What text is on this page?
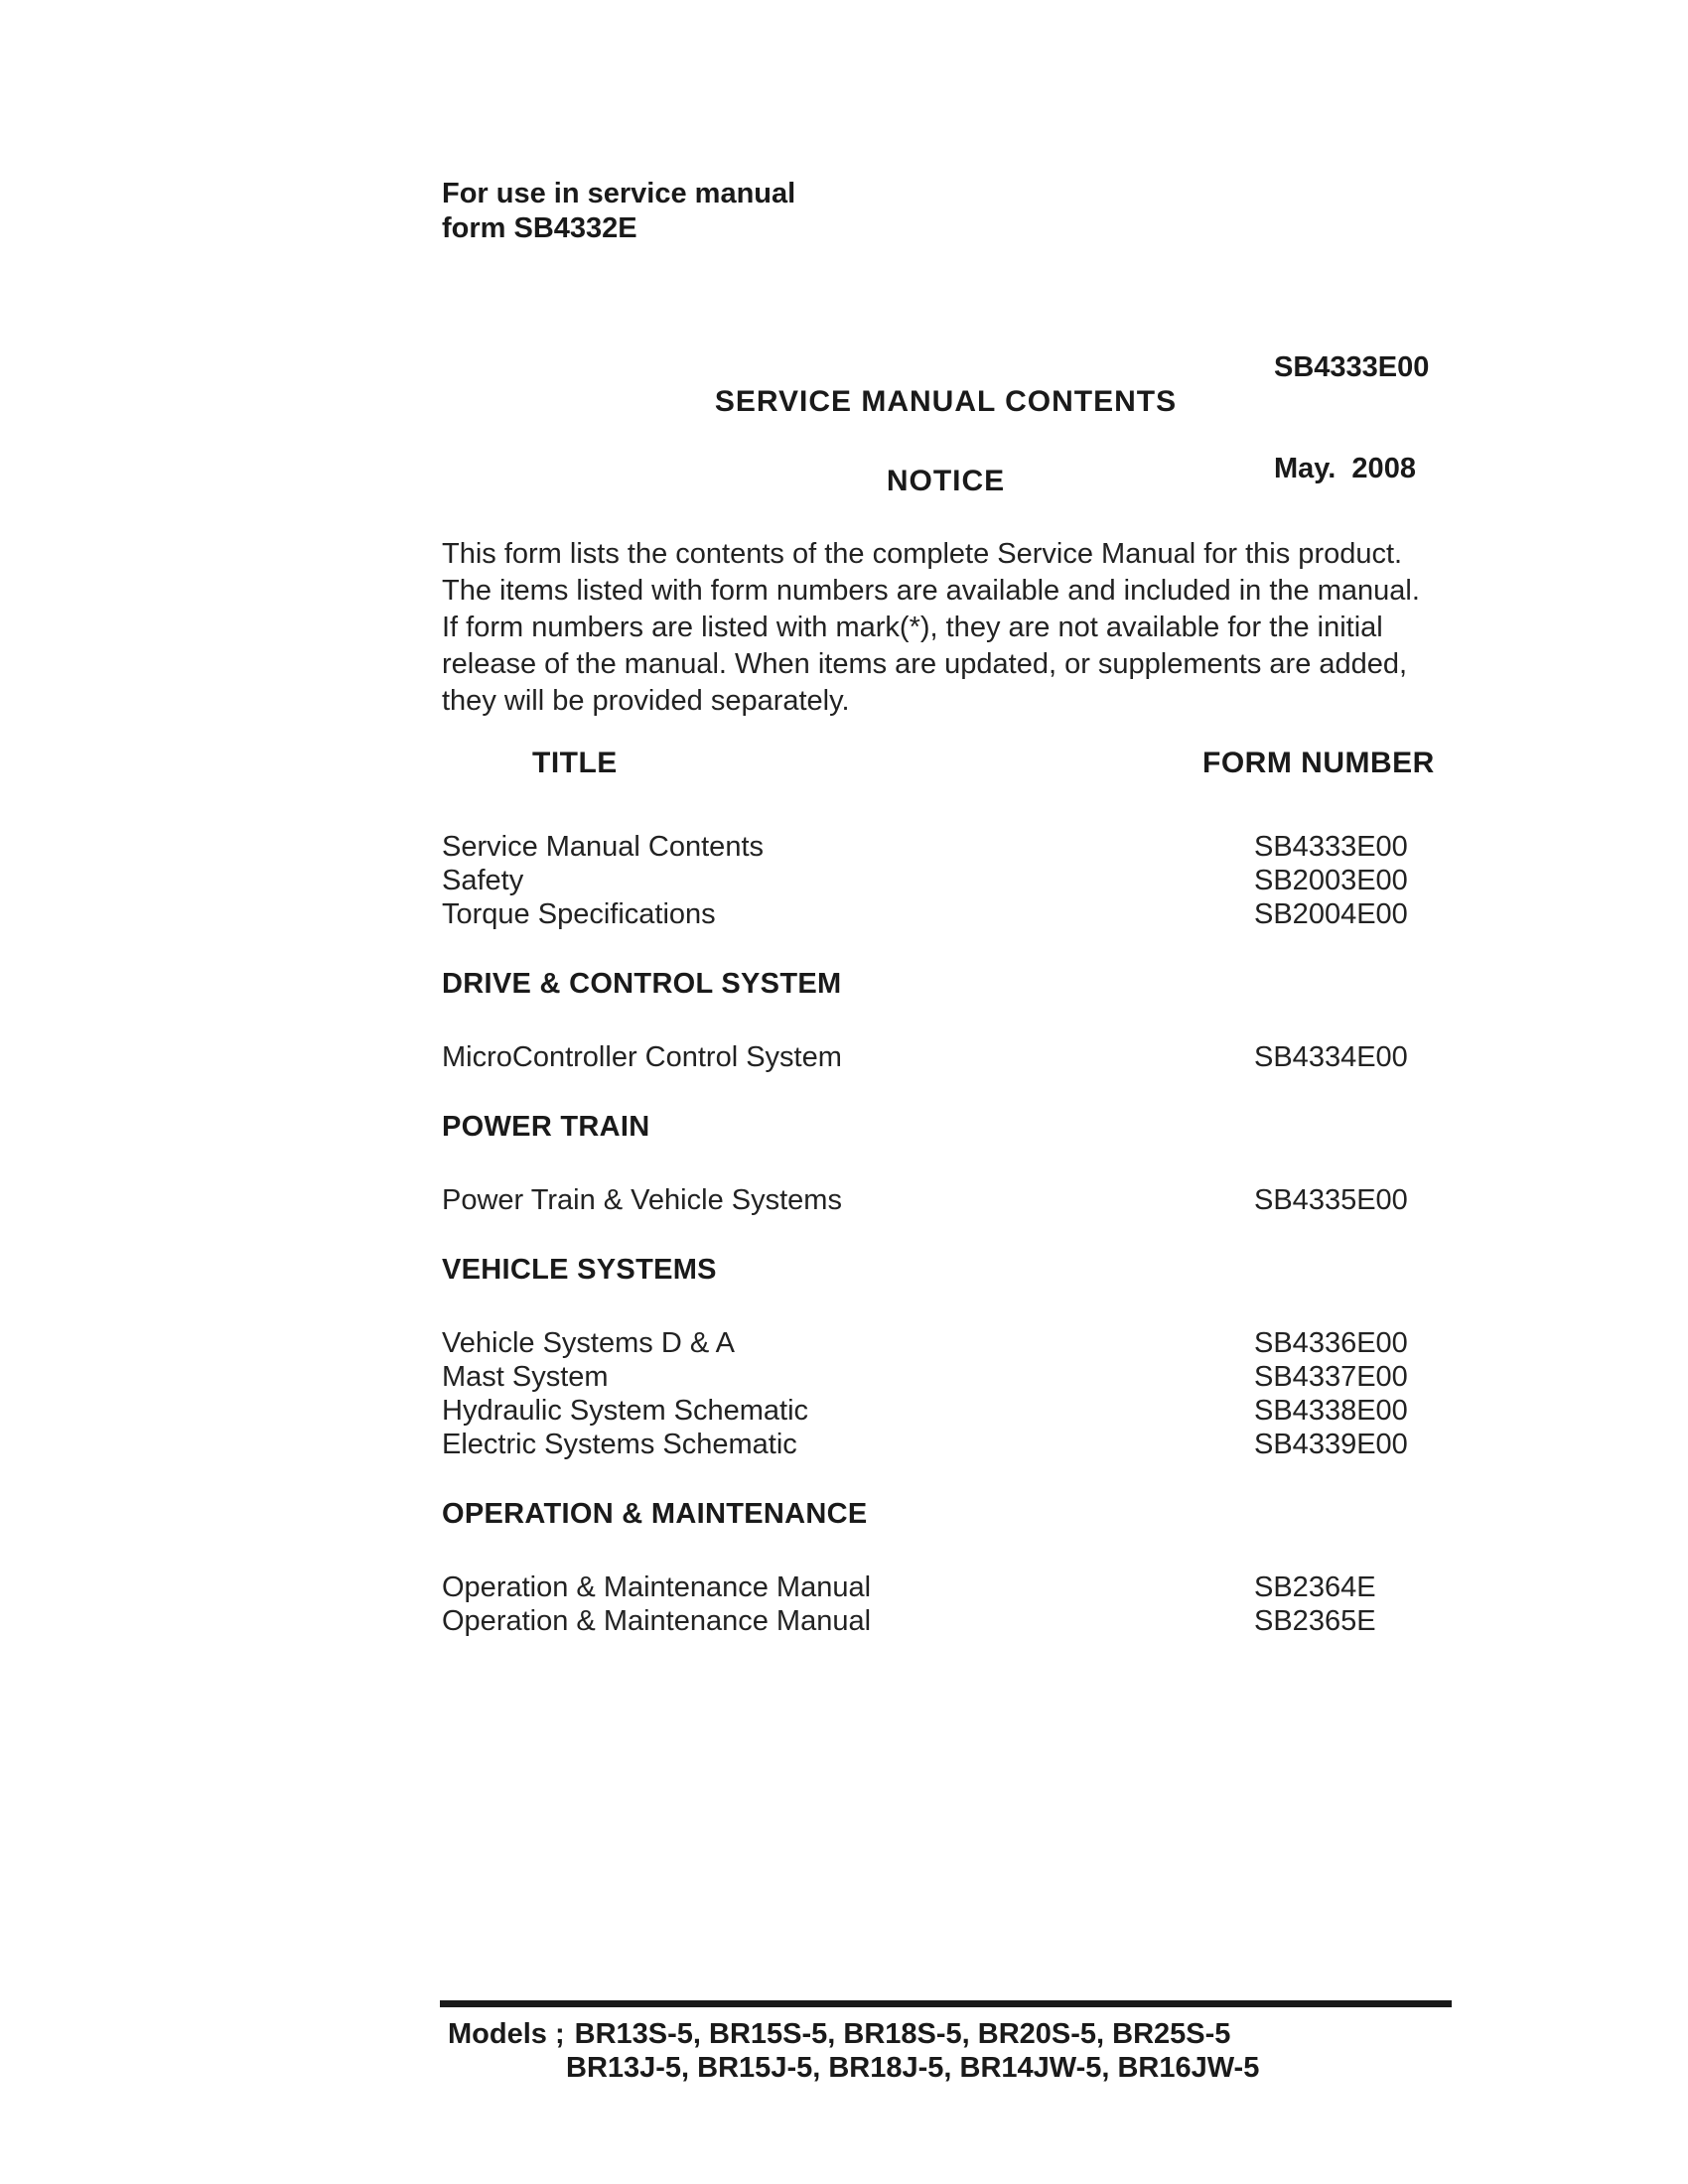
For use in service manual
form SB4332E

SB4333E00

May.  2008

SERVICE MANUAL CONTENTS
NOTICE
This form lists the contents of the complete Service Manual for this product.
The items listed with form numbers are available and included in the manual.
If form numbers are listed with mark(*), they are not available for the initial
release of the manual. When items are updated, or supplements are added,
they will be provided separately.
TITLE	FORM NUMBER
Service Manual Contents	SB4333E00
Safety	SB2003E00
Torque Specifications	SB2004E00
DRIVE & CONTROL SYSTEM
MicroController Control System	SB4334E00
POWER TRAIN
Power Train & Vehicle Systems	SB4335E00
VEHICLE SYSTEMS
Vehicle Systems D & A	SB4336E00
Mast System	SB4337E00
Hydraulic System Schematic	SB4338E00
Electric Systems Schematic	SB4339E00
OPERATION & MAINTENANCE
Operation & Maintenance Manual	SB2364E
Operation & Maintenance Manual	SB2365E
Models ; BR13S-5, BR15S-5, BR18S-5, BR20S-5, BR25S-5
BR13J-5, BR15J-5, BR18J-5, BR14JW-5, BR16JW-5
